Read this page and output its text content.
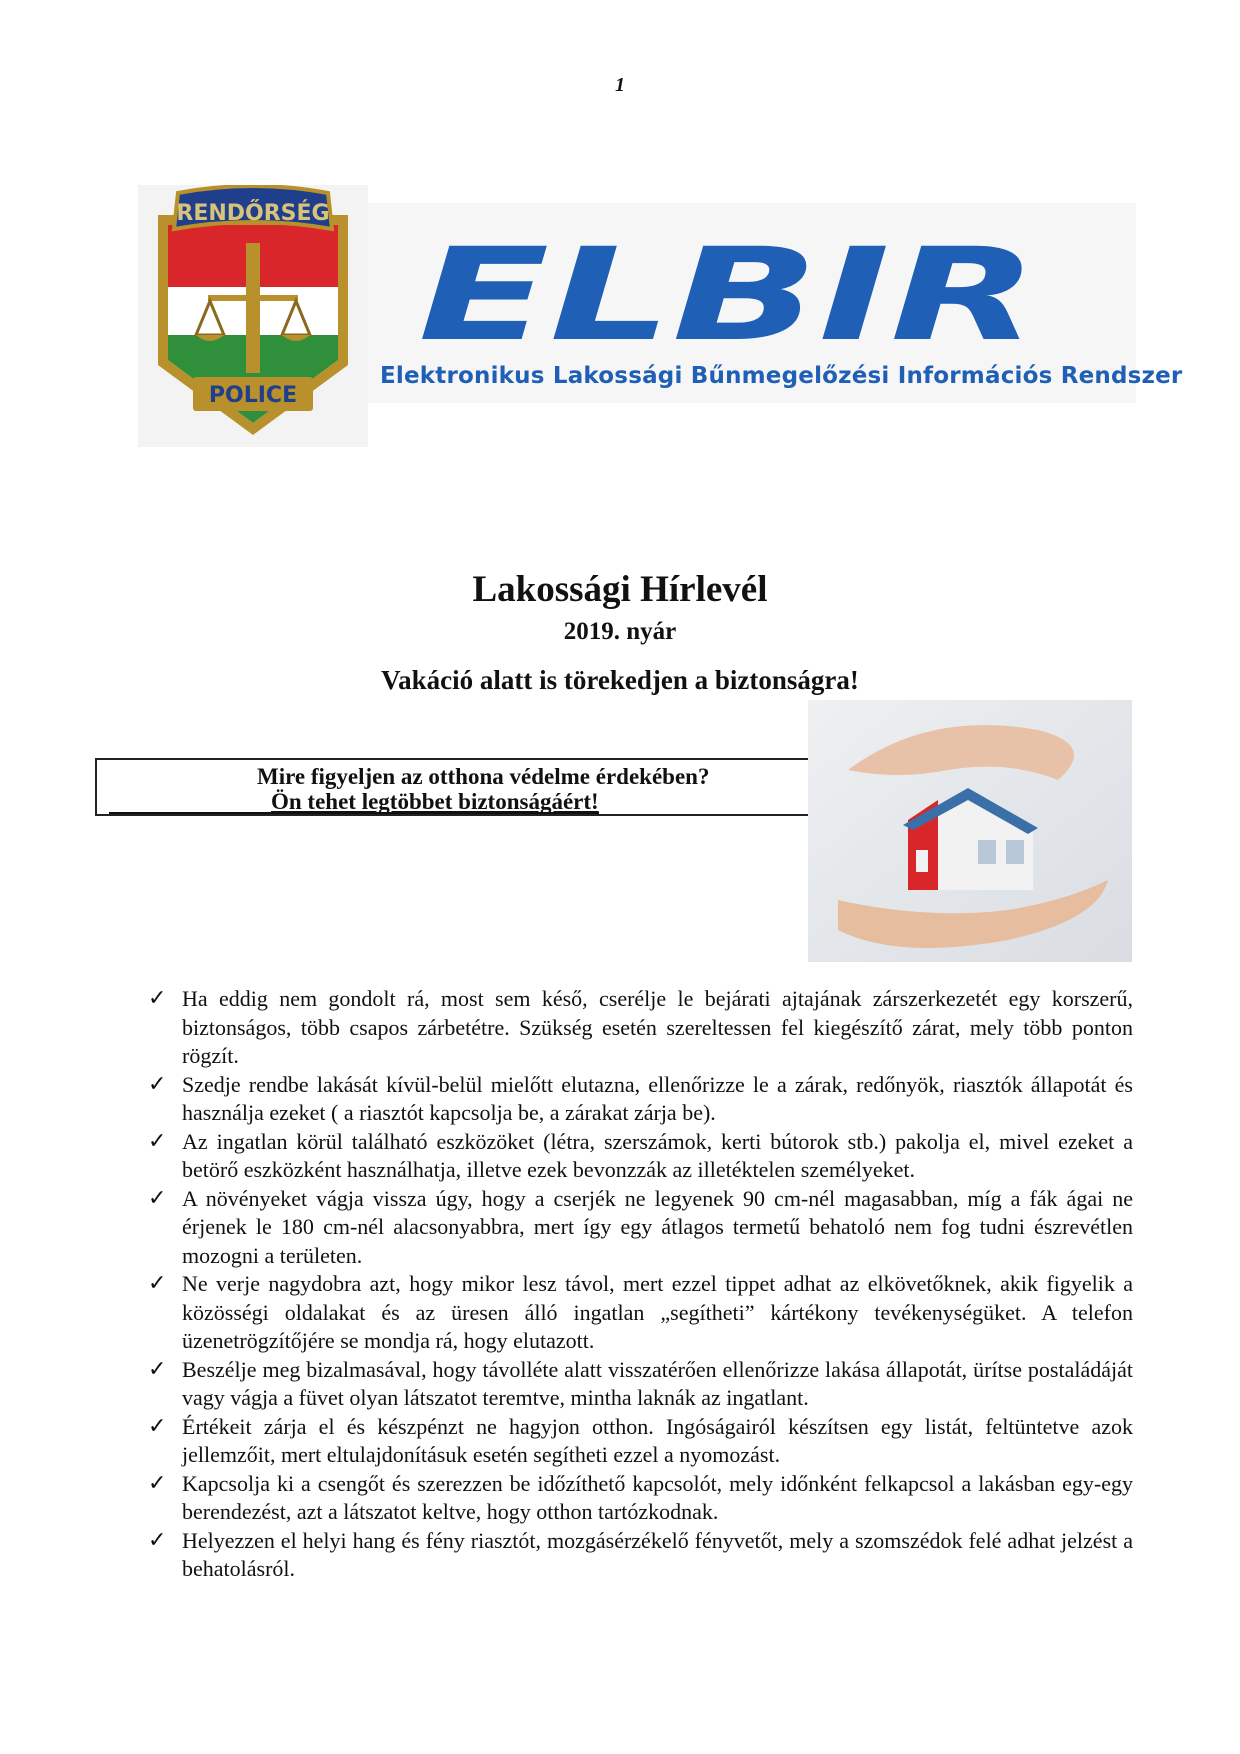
1
RENDŐRSÉG
POLICE
ELBIR
Elektronikus Lakossági Bűnmegelőzési Információs Rendszer
Lakossági Hírlevél
2019. nyár
Vakáció alatt is törekedjen a biztonságra!
Mire figyeljen az otthona védelme érdekében?
Ön tehet legtöbbet biztonságáért!
✓ Ha eddig nem gondolt rá, most sem késő, cserélje le bejárati ajtajának zárszerkezetét egy korszerű, biztonságos, több csapos zárbetétre. Szükség esetén szereltessen fel kiegészítő zárat, mely több ponton rögzít.
✓ Szedje rendbe lakását kívül-belül mielőtt elutazna, ellenőrizze le a zárak, redőnyök, riasztók állapotát és használja ezeket ( a riasztót kapcsolja be, a zárakat zárja be).
✓ Az ingatlan körül található eszközöket (létra, szerszámok, kerti bútorok stb.) pakolja el, mivel ezeket a betörő eszközként használhatja, illetve ezek bevonzzák az illetéktelen személyeket.
✓ A növényeket vágja vissza úgy, hogy a cserjék ne legyenek 90 cm-nél magasabban, míg a fák ágai ne érjenek le 180 cm-nél alacsonyabbra, mert így egy átlagos termetű behatoló nem fog tudni észrevétlen mozogni a területen.
✓ Ne verje nagydobra azt, hogy mikor lesz távol, mert ezzel tippet adhat az elkövetőknek, akik figyelik a közösségi oldalakat és az üresen álló ingatlan „segítheti” kártékony tevékenységüket. A telefon üzenetrögzítőjére se mondja rá, hogy elutazott.
✓ Beszélje meg bizalmasával, hogy távolléte alatt visszatérően ellenőrizze lakása állapotát, ürítse postaládáját vagy vágja a füvet olyan látszatot teremtve, mintha laknák az ingatlant.
✓ Értékeit zárja el és készpénzt ne hagyjon otthon. Ingóságairól készítsen egy listát, feltüntetve azok jellemzőit, mert eltulajdonításuk esetén segítheti ezzel a nyomozást.
✓ Kapcsolja ki a csengőt és szerezzen be időzíthető kapcsolót, mely időnként felkapcsol a lakásban egy-egy berendezést, azt a látszatot keltve, hogy otthon tartózkodnak.
✓ Helyezzen el helyi hang és fény riasztót, mozgásérzékelő fényvetőt, mely a szomszédok felé adhat jelzést a behatolásról.
